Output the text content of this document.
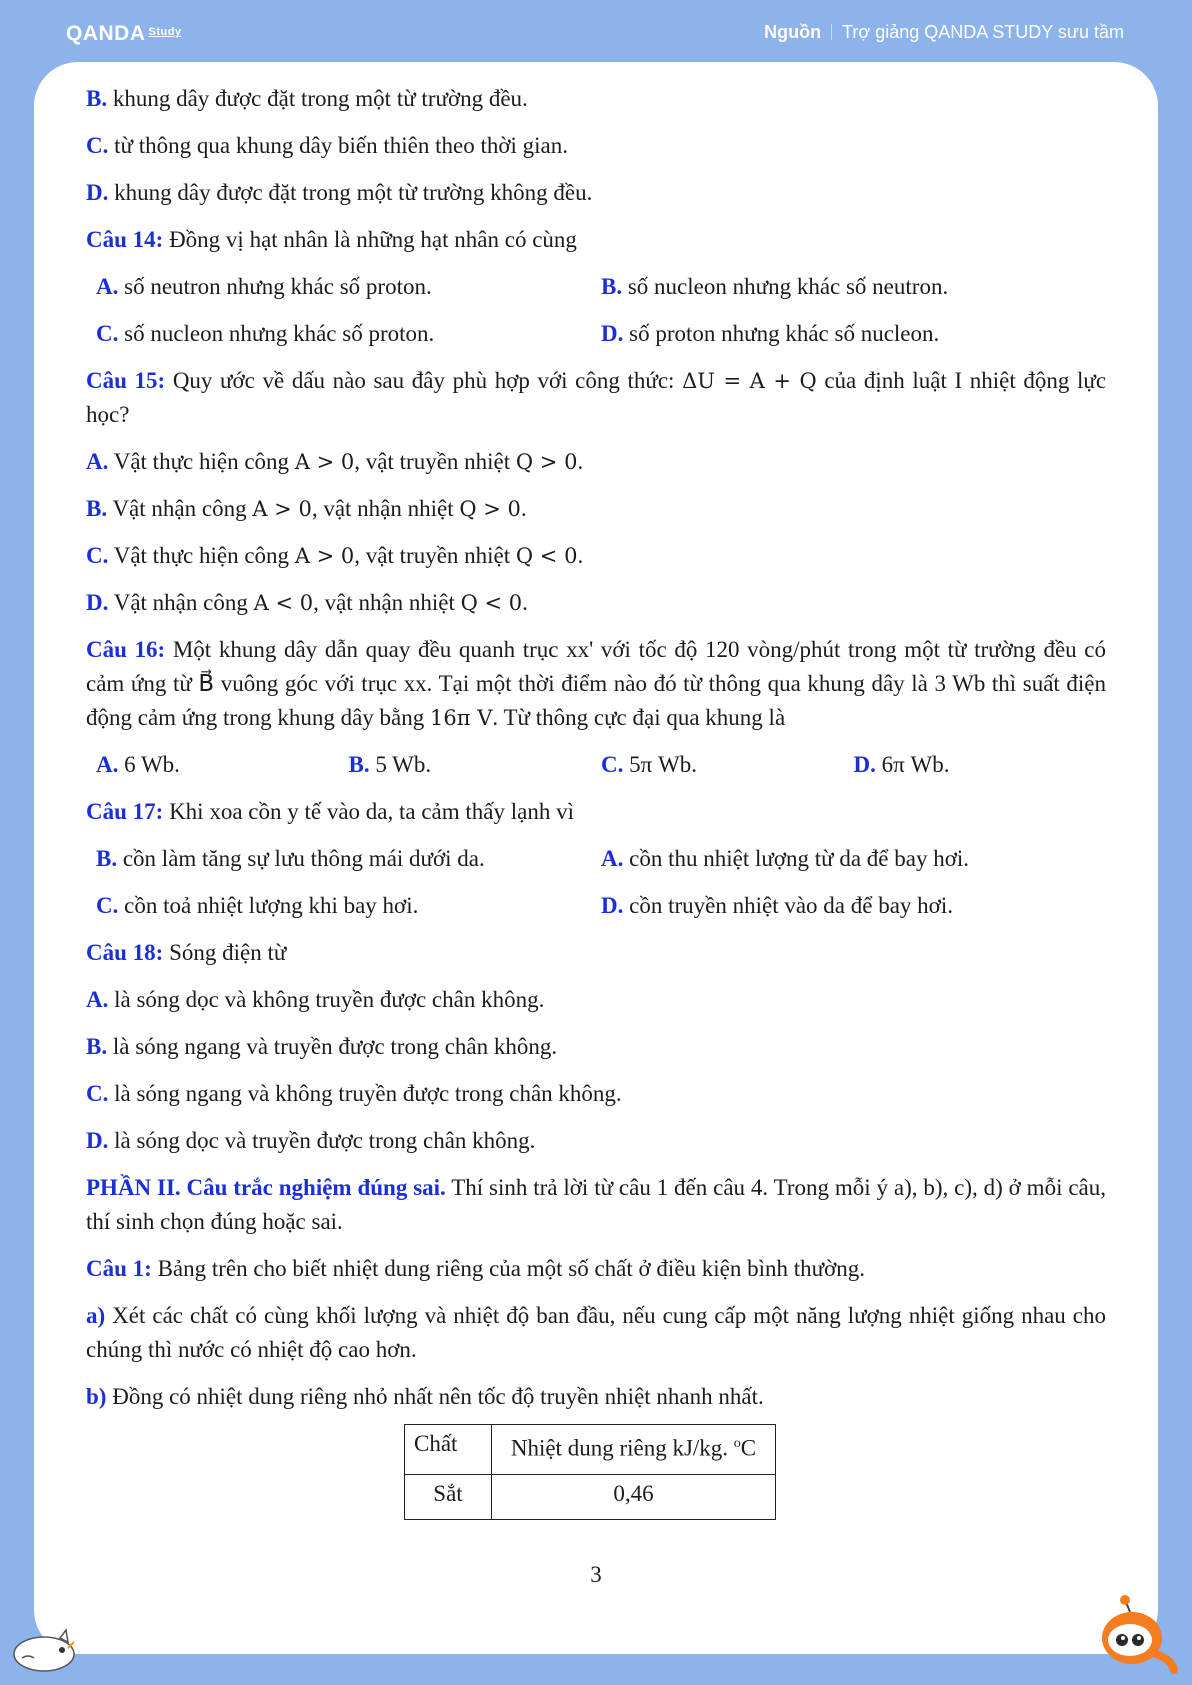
QANDA Study	Nguồn Trợ giảng QANDA STUDY sưu tầm

B. khung dây được đặt trong một từ trường đều.

C. từ thông qua khung dây biến thiên theo thời gian.

D. khung dây được đặt trong một từ trường không đều.

Câu 14: Đồng vị hạt nhân là những hạt nhân có cùng

A. số neutron nhưng khác số proton.	B. số nucleon nhưng khác số neutron.
C. số nucleon nhưng khác số proton.	D. số proton nhưng khác số nucleon.

Câu 15: Quy ước về dấu nào sau đây phù hợp với công thức: ΔU = A + Q của định luật I nhiệt động lực học?

A. Vật thực hiện công A > 0, vật truyền nhiệt Q > 0.

B. Vật nhận công A > 0, vật nhận nhiệt Q > 0.

C. Vật thực hiện công A > 0, vật truyền nhiệt Q < 0.

D. Vật nhận công A < 0, vật nhận nhiệt Q < 0.

Câu 16: Một khung dây dẫn quay đều quanh trục xx' với tốc độ 120 vòng/phút trong một từ trường đều có cảm ứng từ B⃗ vuông góc với trục xx. Tại một thời điểm nào đó từ thông qua khung dây là 3 Wb thì suất điện động cảm ứng trong khung dây bằng 16π V. Từ thông cực đại qua khung là

A. 6 Wb.	B. 5 Wb.	C. 5π Wb.	D. 6π Wb.

Câu 17: Khi xoa cồn y tế vào da, ta cảm thấy lạnh vì

B. cồn làm tăng sự lưu thông mái dưới da.	A. cồn thu nhiệt lượng từ da để bay hơi.
C. cồn toả nhiệt lượng khi bay hơi.	D. cồn truyền nhiệt vào da để bay hơi.

Câu 18: Sóng điện từ

A. là sóng dọc và không truyền được chân không.

B. là sóng ngang và truyền được trong chân không.

C. là sóng ngang và không truyền được trong chân không.

D. là sóng dọc và truyền được trong chân không.

PHẦN II. Câu trắc nghiệm đúng sai. Thí sinh trả lời từ câu 1 đến câu 4. Trong mỗi ý a), b), c), d) ở mỗi câu, thí sinh chọn đúng hoặc sai.

Câu 1: Bảng trên cho biết nhiệt dung riêng của một số chất ở điều kiện bình thường.

a) Xét các chất có cùng khối lượng và nhiệt độ ban đầu, nếu cung cấp một năng lượng nhiệt giống nhau cho chúng thì nước có nhiệt độ cao hơn.

b) Đồng có nhiệt dung riêng nhỏ nhất nên tốc độ truyền nhiệt nhanh nhất.

Chất	Nhiệt dung riêng kJ/kg. $^o$C
Sắt	0,46
3
